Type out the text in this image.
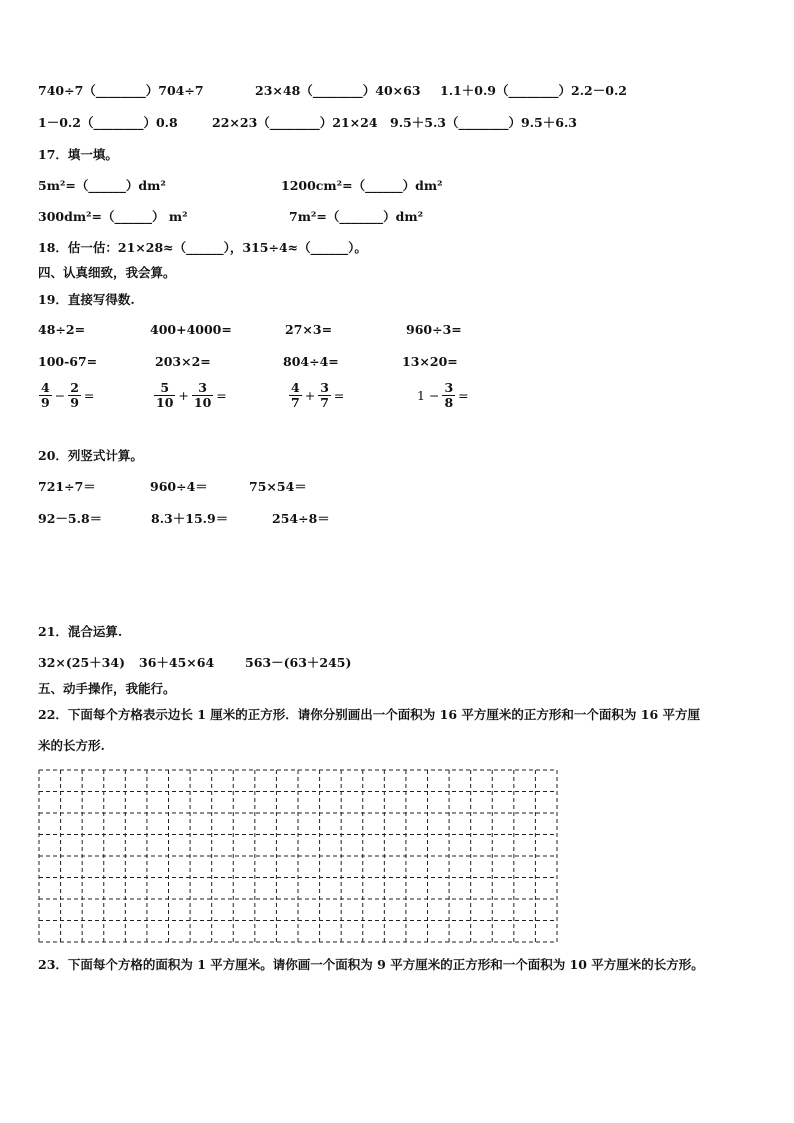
740÷7（________）704÷7	23×48（________）40×63 1.1＋0.9（________）2.2－0.2
1－0.2（________）0.8	22×23（________）21×24 9.5＋5.3（________）9.5＋6.3
17．填一填。
5m²=（______）dm²	1200cm²=（______）dm²
300dm²=（______） m²	7m²=（_______）dm²
18．估一估：21×28≈（______），315÷4≈（______）。
四、认真细致，我会算。
19．直接写得数.
48÷2=	400+4000=	27×3=	960÷3=
100-67=	203×2=	804÷4=	13×20=
$\frac{4}{9} - \frac{2}{9}$ =	$\frac{5}{10} + \frac{3}{10}$ =	$\frac{4}{7} + \frac{3}{7}$ =	$1 - \frac{3}{8}$ =
20．列竖式计算。
721÷7＝	960÷4＝	75×54＝
92－5.8＝	8.3＋15.9＝	254÷8＝
21．混合运算.
32×(25＋34) 36＋45×64 563－(63＋245)
五、动手操作，我能行。
22．下面每个方格表示边长 1 厘米的正方形．请你分别画出一个面积为 16 平方厘米的正方形和一个面积为 16 平方厘
米的长方形.
23．下面每个方格的面积为 1 平方厘米。请你画一个面积为 9 平方厘米的正方形和一个面积为 10 平方厘米的长方形。
